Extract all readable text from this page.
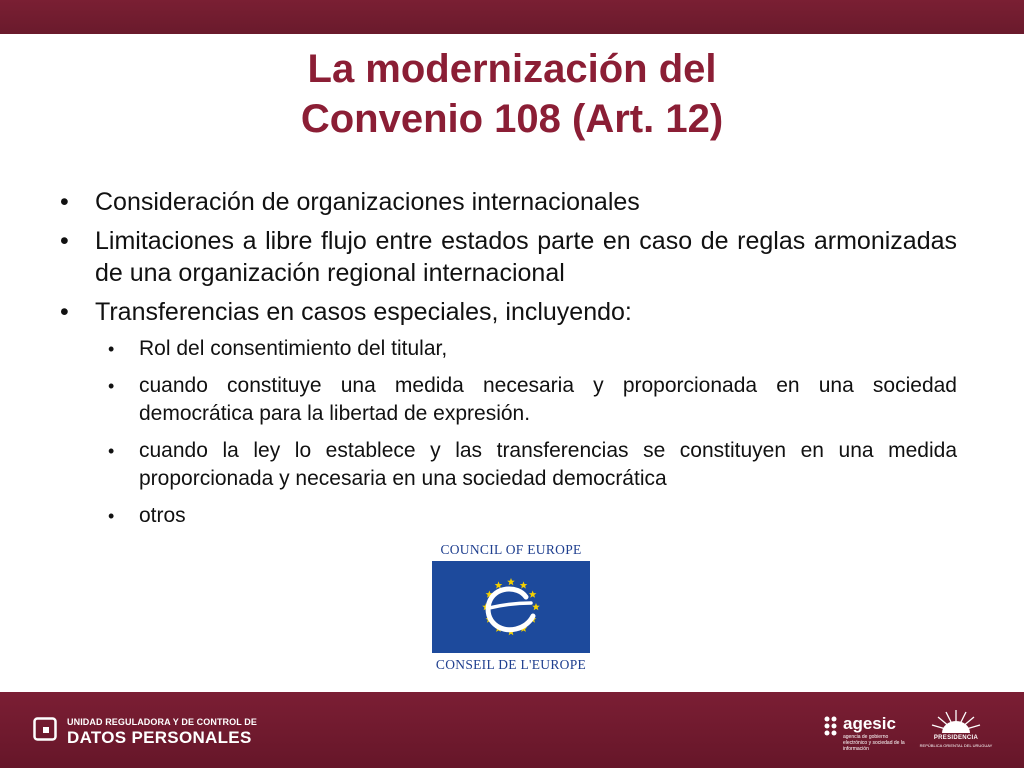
La modernización del
Convenio 108 (Art. 12)
• Consideración de organizaciones internacionales
• Limitaciones a libre flujo entre estados parte en caso de reglas armonizadas de una organización regional internacional
• Transferencias en casos especiales, incluyendo:
• Rol del consentimiento del titular,
• cuando constituye una medida necesaria y proporcionada en una sociedad democrática para la libertad de expresión.
• cuando la ley lo establece y las transferencias se constituyen en una medida proporcionada y necesaria en una sociedad democrática
• otros
COUNCIL OF EUROPE
CONSEIL DE L'EUROPE
UNIDAD REGULADORA Y DE CONTROL DE
DATOS PERSONALES
agesic
agencia de gobierno electrónico y sociedad de la información
PRESIDENCIA
REPÚBLICA ORIENTAL DEL URUGUAY
